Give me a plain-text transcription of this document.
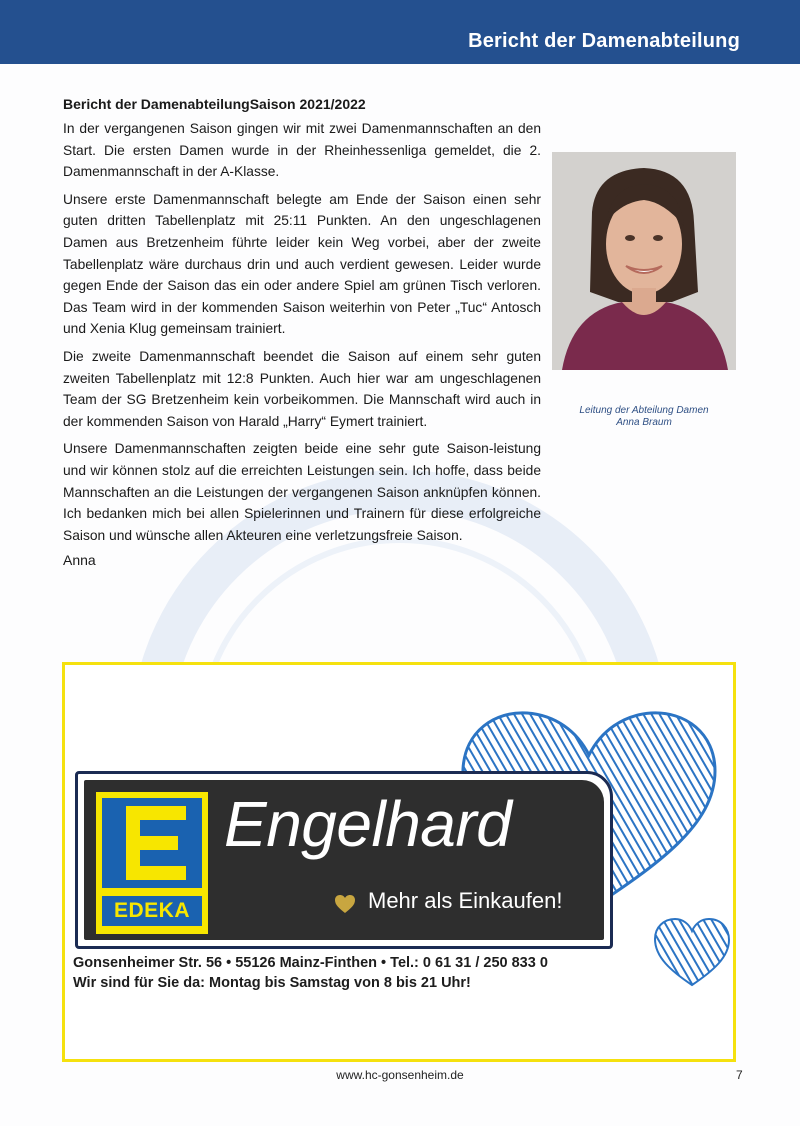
Bericht der Damenabteilung
Bericht der DamenabteilungSaison 2021/2022

In der vergangenen Saison gingen wir mit zwei Damenmannschaften an den Start. Die ersten Damen wurde in der Rheinhessenliga gemeldet, die 2. Damenmannschaft in der A-Klasse.

Unsere erste Damenmannschaft belegte am Ende der Saison einen sehr guten dritten Tabellenplatz mit 25:11 Punkten. An den ungeschlagenen Damen aus Bretzenheim führte leider kein Weg vorbei, aber der zweite Tabellenplatz wäre durchaus drin und auch verdient gewesen. Leider wurde gegen Ende der Saison das ein oder andere Spiel am grünen Tisch verloren. Das Team wird in der kommenden Saison weiterhin von Peter „Tuc“ Antosch und Xenia Klug gemeinsam trainiert.

Die zweite Damenmannschaft beendet die Saison auf einem sehr guten zweiten Tabellenplatz mit 12:8 Punkten. Auch hier war am ungeschlagenen Team der SG Bretzenheim kein vorbeikommen. Die Mannschaft wird auch in der kommenden Saison von Harald „Harry“ Eymert trainiert.

Unsere Damenmannschaften zeigten beide eine sehr gute Saison-leistung und wir können stolz auf die erreichten Leistungen sein. Ich hoffe, dass beide Mannschaften an die Leistungen der vergangenen Saison anknüpfen können. Ich bedanken mich bei allen Spielerinnen und Trainern für diese erfolgreiche Saison und wünsche allen Akteuren eine verletzungsfreie Saison.

Anna
Leitung der Abteilung Damen
Anna Braum
EDEKA
Engelhard
Mehr als Einkaufen!
Gonsenheimer Str. 56 • 55126 Mainz-Finthen • Tel.: 0 61 31 / 250 833 0
Wir sind für Sie da: Montag bis Samstag von 8 bis 21 Uhr!
www.hc-gonsenheim.de	7
